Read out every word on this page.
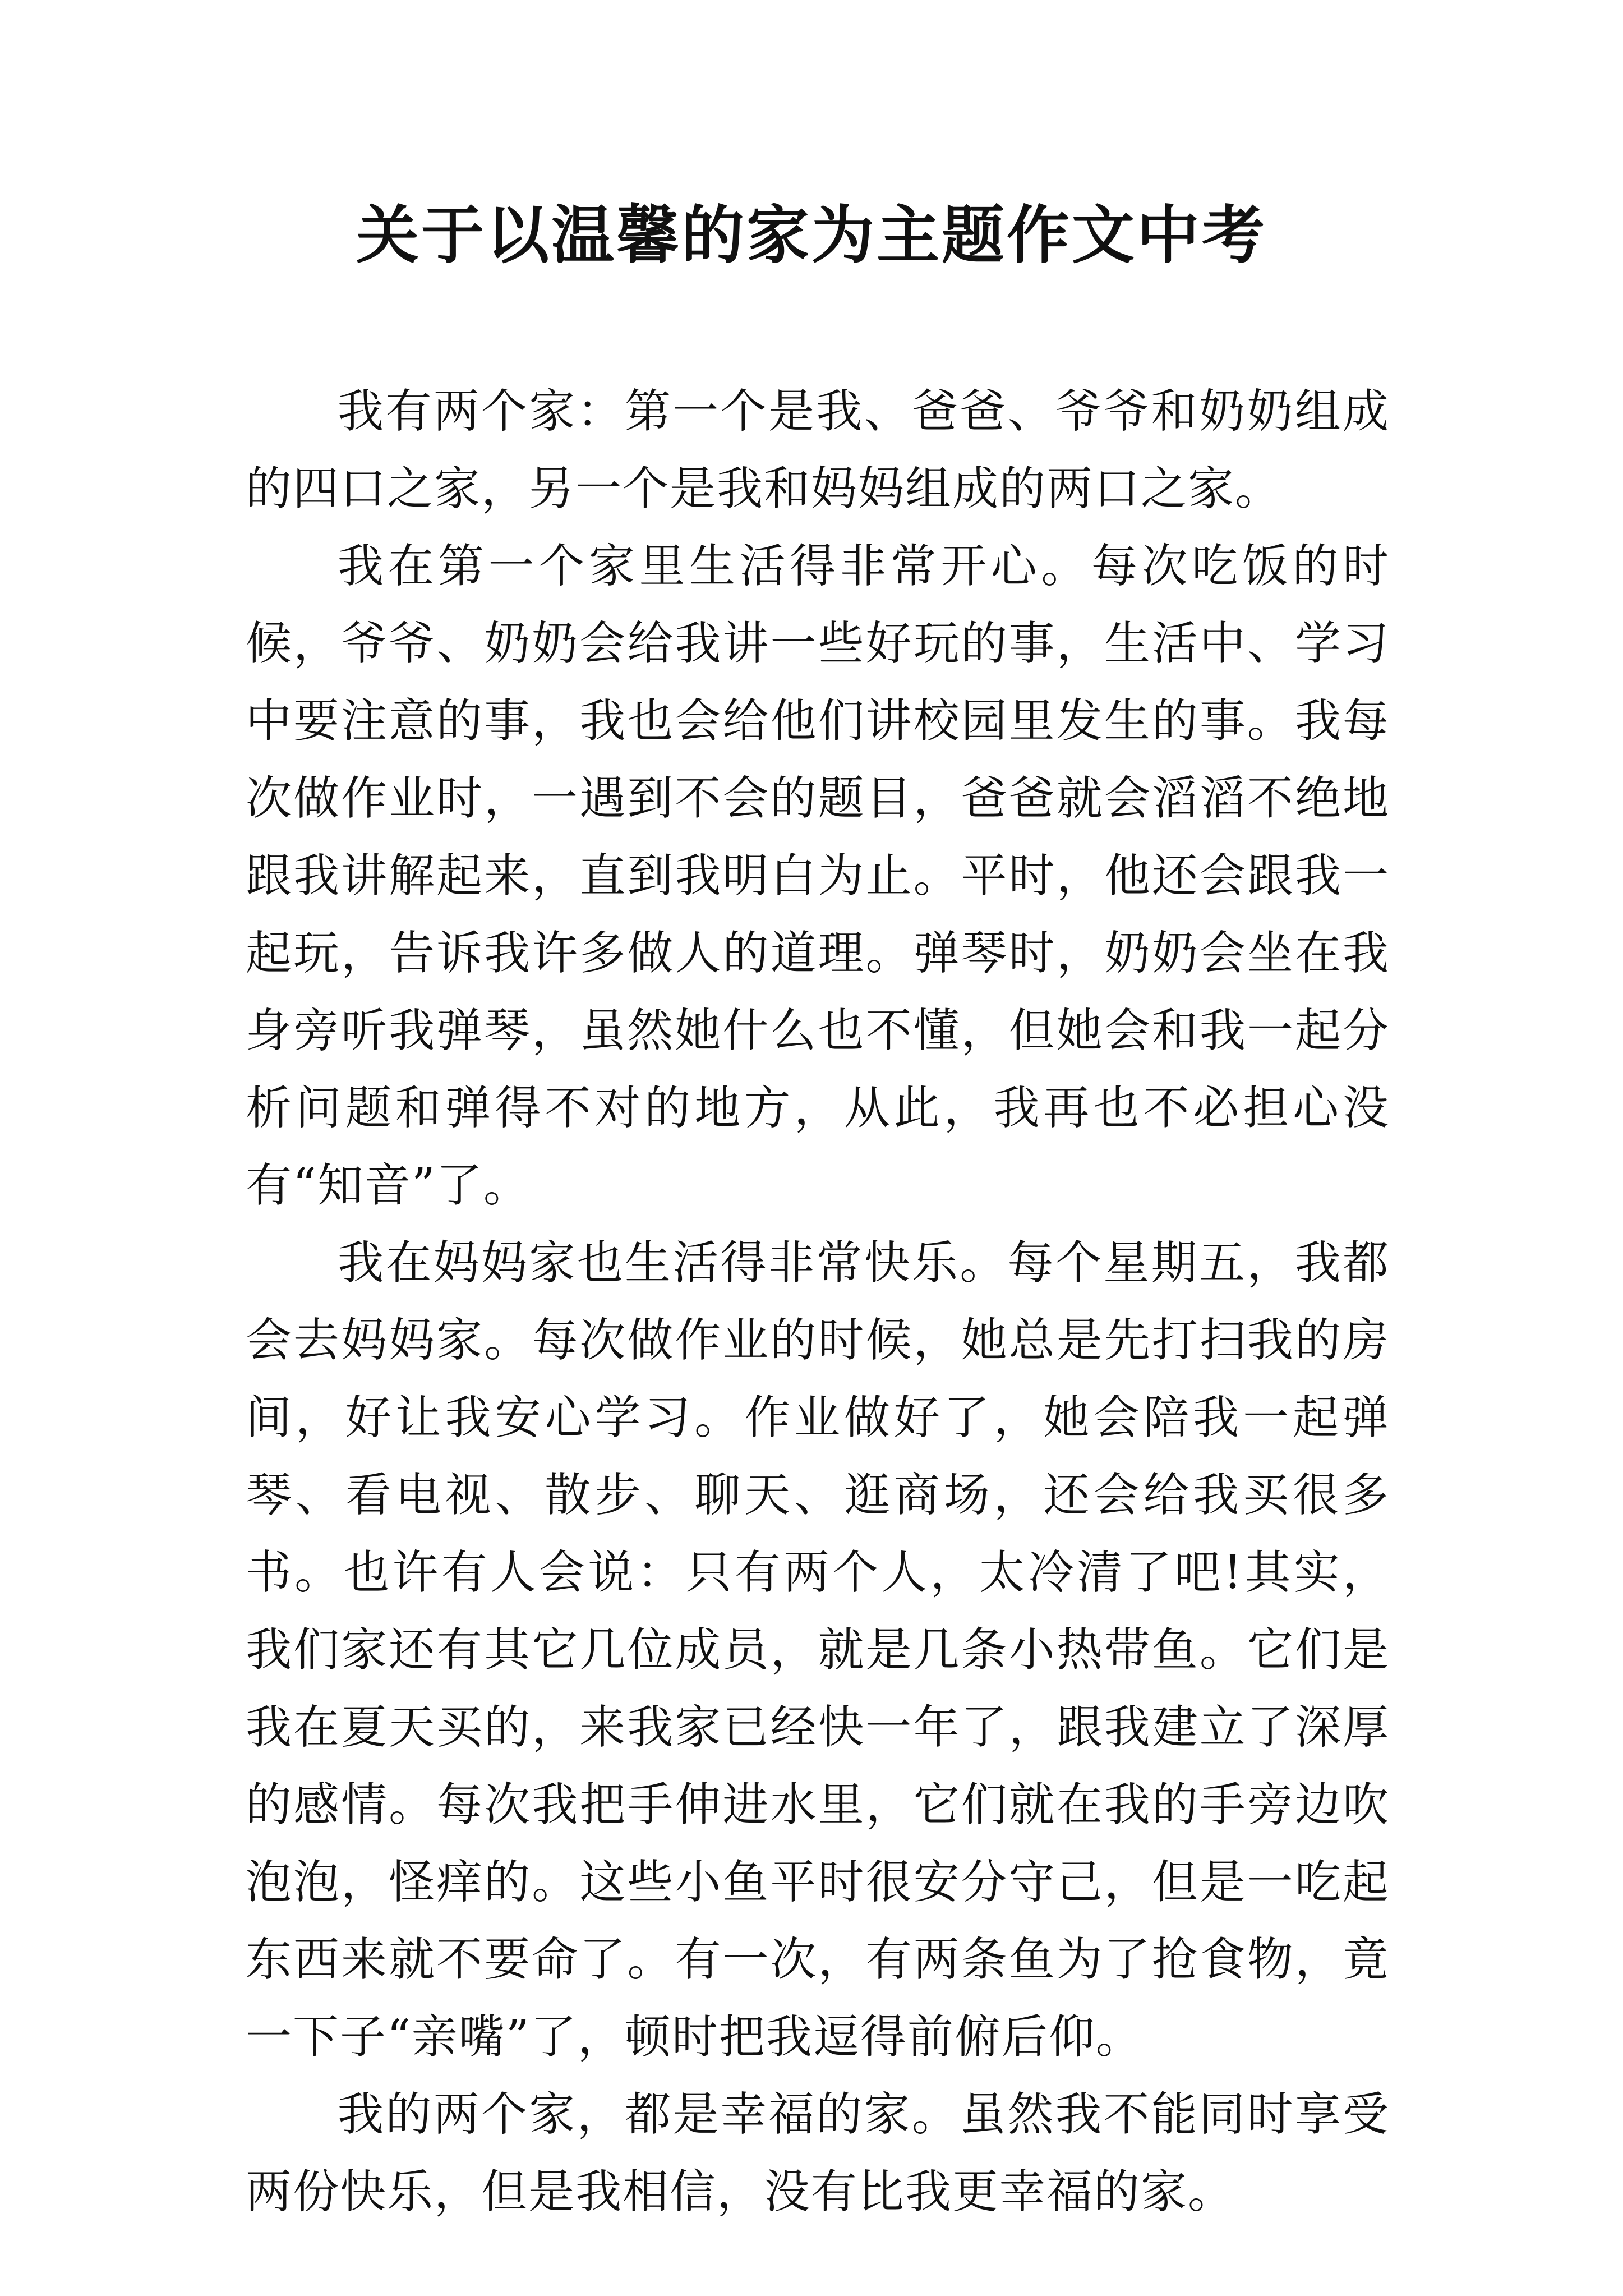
关于以温馨的家为主题作文中考

我有两个家：第一个是我、爸爸、爷爷和奶奶组成的四口之家，另一个是我和妈妈组成的两口之家。

我在第一个家里生活得非常开心。每次吃饭的时候，爷爷、奶奶会给我讲一些好玩的事，生活中、学习中要注意的事，我也会给他们讲校园里发生的事。我每次做作业时，一遇到不会的题目，爸爸就会滔滔不绝地跟我讲解起来，直到我明白为止。平时，他还会跟我一起玩，告诉我许多做人的道理。弹琴时，奶奶会坐在我身旁听我弹琴，虽然她什么也不懂，但她会和我一起分析问题和弹得不对的地方，从此，我再也不必担心没有“知音”了。

我在妈妈家也生活得非常快乐。每个星期五，我都会去妈妈家。每次做作业的时候，她总是先打扫我的房间，好让我安心学习。作业做好了，她会陪我一起弹琴、看电视、散步、聊天、逛商场，还会给我买很多书。也许有人会说：只有两个人，太冷清了吧!其实，我们家还有其它几位成员，就是几条小热带鱼。它们是我在夏天买的，来我家已经快一年了，跟我建立了深厚的感情。每次我把手伸进水里，它们就在我的手旁边吹泡泡，怪痒的。这些小鱼平时很安分守己，但是一吃起东西来就不要命了。有一次，有两条鱼为了抢食物，竟一下子“亲嘴”了，顿时把我逗得前俯后仰。

我的两个家，都是幸福的家。虽然我不能同时享受两份快乐，但是我相信，没有比我更幸福的家。
